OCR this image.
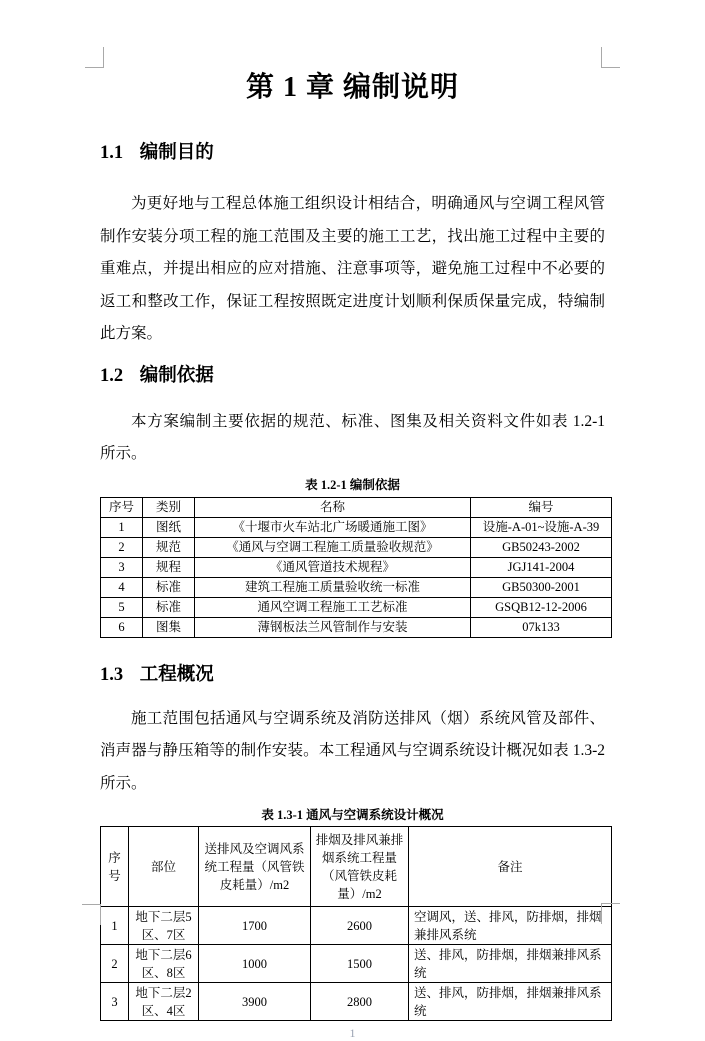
第 1 章 编制说明
1.1 编制目的

为更好地与工程总体施工组织设计相结合，明确通风与空调工程风管制作安装分项工程的施工范围及主要的施工工艺，找出施工过程中主要的重难点，并提出相应的应对措施、注意事项等，避免施工过程中不必要的返工和整改工作，保证工程按照既定进度计划顺利保质保量完成，特编制此方案。

1.2 编制依据

本方案编制主要依据的规范、标准、图集及相关资料文件如表 1.2-1 所示。

表 1.2-1 编制依据

序号	类别	名称	编号
1	图纸	《十堰市火车站北广场暖通施工图》	设施-A-01~设施-A-39
2	规范	《通风与空调工程施工质量验收规范》	GB50243-2002
3	规程	《通风管道技术规程》	JGJ141-2004
4	标准	建筑工程施工质量验收统一标准	GB50300-2001
5	标准	通风空调工程施工工艺标准	GSQB12-12-2006
6	图集	薄钢板法兰风管制作与安装	07k133
1.3 工程概况

施工范围包括通风与空调系统及消防送排风（烟）系统风管及部件、消声器与静压箱等的制作安装。本工程通风与空调系统设计概况如表 1.3-2 所示。

表 1.3-1 通风与空调系统设计概况

序号	部位	送排风及空调风系统工程量（风管铁皮耗量）/m2	排烟及排风兼排烟系统工程量（风管铁皮耗量）/m2	备注
1	地下二层5区、7区	1700	2600	空调风，送、排风，防排烟，排烟兼排风系统
2	地下二层6区、8区	1000	1500	送、排风，防排烟，排烟兼排风系统
3	地下二层2区、4区	3900	2800	送、排风，防排烟，排烟兼排风系统
1
